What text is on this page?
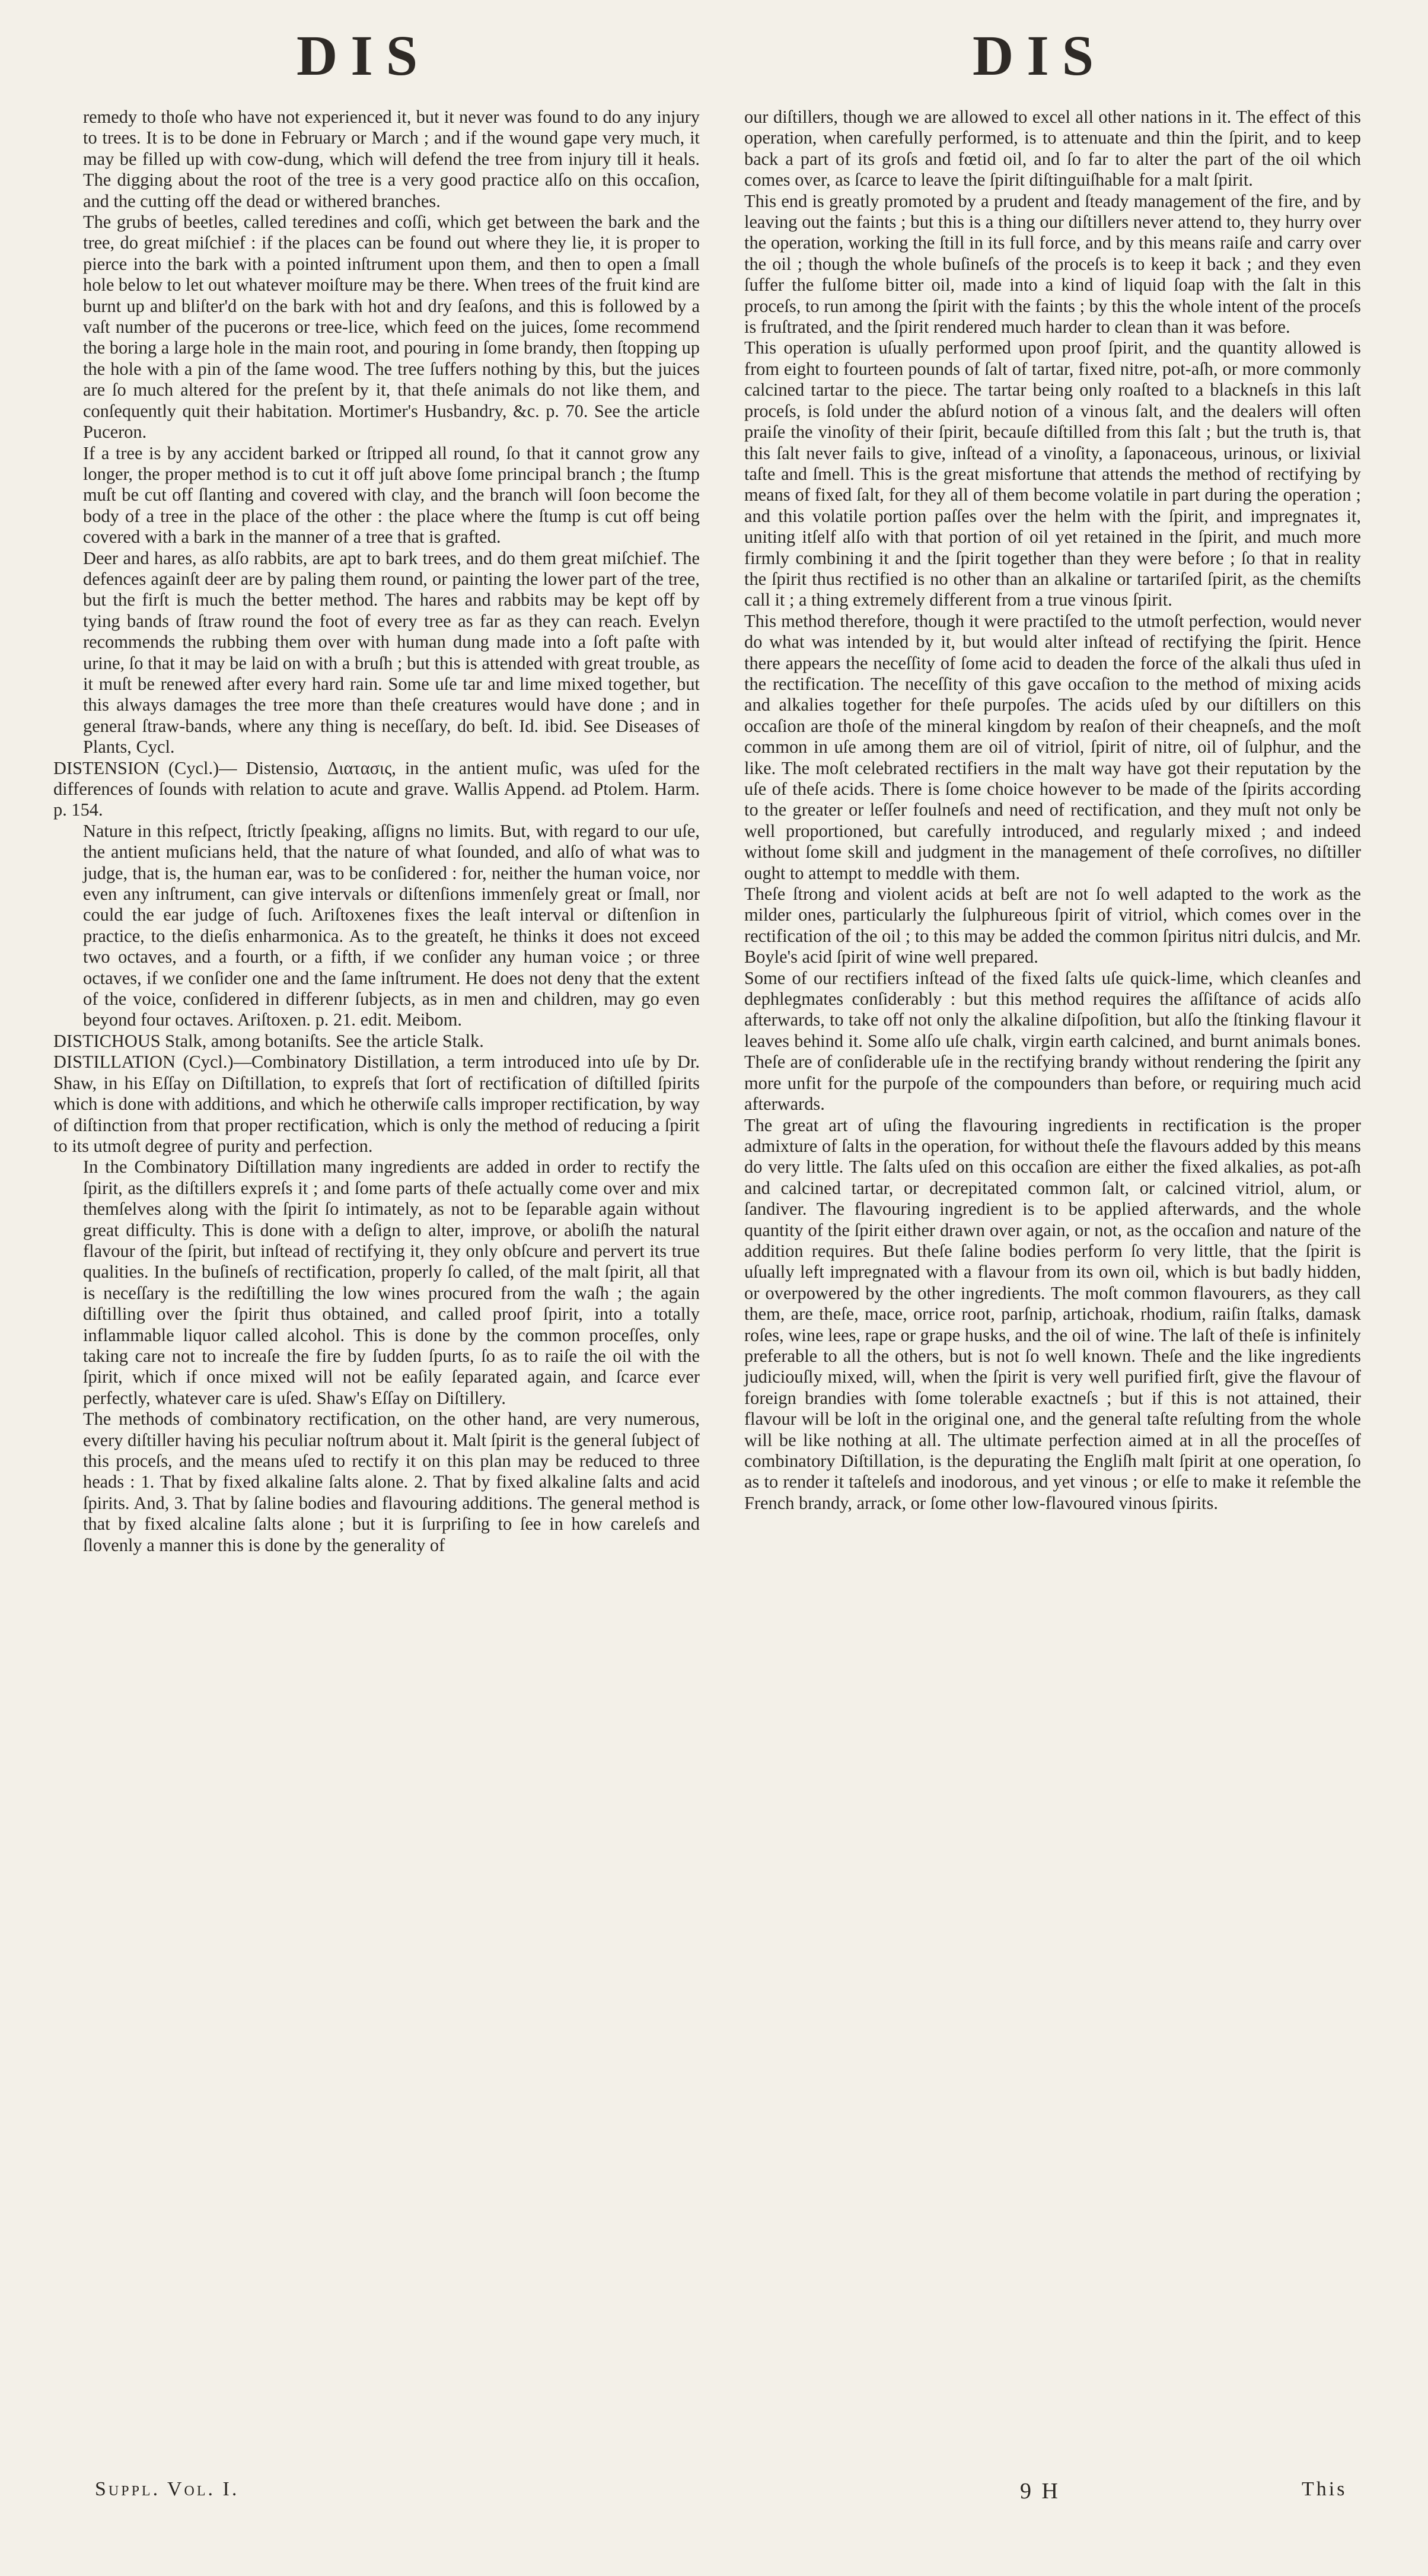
DIS	DIS

remedy to thoſe who have not experienced it, but it never was found to do any injury to trees. It is to be done in February or March ; and if the wound gape very much, it may be filled up with cow-dung, which will defend the tree from injury till it heals. The digging about the root of the tree is a very good practice alſo on this occaſion, and the cutting off the dead or withered branches.

The grubs of beetles, called teredines and coſſi, which get between the bark and the tree, do great miſchief : if the places can be found out where they lie, it is proper to pierce into the bark with a pointed inſtrument upon them, and then to open a ſmall hole below to let out whatever moiſture may be there. When trees of the fruit kind are burnt up and bliſter'd on the bark with hot and dry ſeaſons, and this is followed by a vaſt number of the pucerons or tree-lice, which feed on the juices, ſome recommend the boring a large hole in the main root, and pouring in ſome brandy, then ſtopping up the hole with a pin of the ſame wood. The tree ſuffers nothing by this, but the juices are ſo much altered for the preſent by it, that theſe animals do not like them, and conſequently quit their habitation. Mortimer's Husbandry, &c. p. 70. See the article Puceron.

If a tree is by any accident barked or ſtripped all round, ſo that it cannot grow any longer, the proper method is to cut it off juſt above ſome principal branch ; the ſtump muſt be cut off ſlanting and covered with clay, and the branch will ſoon become the body of a tree in the place of the other : the place where the ſtump is cut off being covered with a bark in the manner of a tree that is grafted.

Deer and hares, as alſo rabbits, are apt to bark trees, and do them great miſchief. The defences againſt deer are by paling them round, or painting the lower part of the tree, but the firſt is much the better method. The hares and rabbits may be kept off by tying bands of ſtraw round the foot of every tree as far as they can reach. Evelyn recommends the rubbing them over with human dung made into a ſoft paſte with urine, ſo that it may be laid on with a bruſh ; but this is attended with great trouble, as it muſt be renewed after every hard rain. Some uſe tar and lime mixed together, but this always damages the tree more than theſe creatures would have done ; and in general ſtraw-bands, where any thing is neceſſary, do beſt. Id. ibid. See Diseases of Plants, Cycl.

DISTENSION (Cycl.)— Distensio, Διατασις, in the antient muſic, was uſed for the differences of ſounds with relation to acute and grave. Wallis Append. ad Ptolem. Harm. p. 154.

Nature in this reſpect, ſtrictly ſpeaking, aſſigns no limits. But, with regard to our uſe, the antient muſicians held, that the nature of what ſounded, and alſo of what was to judge, that is, the human ear, was to be conſidered : for, neither the human voice, nor even any inſtrument, can give intervals or diſtenſions immenſely great or ſmall, nor could the ear judge of ſuch. Ariſtoxenes fixes the leaſt interval or diſtenſion in practice, to the dieſis enharmonica. As to the greateſt, he thinks it does not exceed two octaves, and a fourth, or a fifth, if we conſider any human voice ; or three octaves, if we conſider one and the ſame inſtrument. He does not deny that the extent of the voice, conſidered in differenr ſubjects, as in men and children, may go even beyond four octaves. Ariſtoxen. p. 21. edit. Meibom.

DISTICHOUS Stalk, among botaniſts. See the article Stalk.

DISTILLATION (Cycl.)—Combinatory Distillation, a term introduced into uſe by Dr. Shaw, in his Eſſay on Diſtillation, to expreſs that ſort of rectification of diſtilled ſpirits which is done with additions, and which he otherwiſe calls improper rectification, by way of diſtinction from that proper rectification, which is only the method of reducing a ſpirit to its utmoſt degree of purity and perfection.

In the Combinatory Diſtillation many ingredients are added in order to rectify the ſpirit, as the diſtillers expreſs it ; and ſome parts of theſe actually come over and mix themſelves along with the ſpirit ſo intimately, as not to be ſeparable again without great difficulty. This is done with a deſign to alter, improve, or aboliſh the natural flavour of the ſpirit, but inſtead of rectifying it, they only obſcure and pervert its true qualities. In the buſineſs of rectification, properly ſo called, of the malt ſpirit, all that is neceſſary is the rediſtilling the low wines procured from the waſh ; the again diſtilling over the ſpirit thus obtained, and called proof ſpirit, into a totally inflammable liquor called alcohol. This is done by the common proceſſes, only taking care not to increaſe the fire by ſudden ſpurts, ſo as to raiſe the oil with the ſpirit, which if once mixed will not be eaſily ſeparated again, and ſcarce ever perfectly, whatever care is uſed. Shaw's Eſſay on Diſtillery.

The methods of combinatory rectification, on the other hand, are very numerous, every diſtiller having his peculiar noſtrum about it. Malt ſpirit is the general ſubject of this proceſs, and the means uſed to rectify it on this plan may be reduced to three heads : 1. That by fixed alkaline ſalts alone. 2. That by fixed alkaline ſalts and acid ſpirits. And, 3. That by ſaline bodies and flavouring additions. The general method is that by fixed alcaline ſalts alone ; but it is ſurpriſing to ſee in how careleſs and ſlovenly a manner this is done by the generality of

our diſtillers, though we are allowed to excel all other nations in it. The effect of this operation, when carefully performed, is to attenuate and thin the ſpirit, and to keep back a part of its groſs and fœtid oil, and ſo far to alter the part of the oil which comes over, as ſcarce to leave the ſpirit diſtinguiſhable for a malt ſpirit.

This end is greatly promoted by a prudent and ſteady management of the fire, and by leaving out the faints ; but this is a thing our diſtillers never attend to, they hurry over the operation, working the ſtill in its full force, and by this means raiſe and carry over the oil ; though the whole buſineſs of the proceſs is to keep it back ; and they even ſuffer the fulſome bitter oil, made into a kind of liquid ſoap with the ſalt in this proceſs, to run among the ſpirit with the faints ; by this the whole intent of the proceſs is fruſtrated, and the ſpirit rendered much harder to clean than it was before.

This operation is uſually performed upon proof ſpirit, and the quantity allowed is from eight to fourteen pounds of ſalt of tartar, fixed nitre, pot-aſh, or more commonly calcined tartar to the piece. The tartar being only roaſted to a blackneſs in this laſt proceſs, is ſold under the abſurd notion of a vinous ſalt, and the dealers will often praiſe the vinoſity of their ſpirit, becauſe diſtilled from this ſalt ; but the truth is, that this ſalt never fails to give, inſtead of a vinoſity, a ſaponaceous, urinous, or lixivial taſte and ſmell. This is the great misfortune that attends the method of rectifying by means of fixed ſalt, for they all of them become volatile in part during the operation ; and this volatile portion paſſes over the helm with the ſpirit, and impregnates it, uniting itſelf alſo with that portion of oil yet retained in the ſpirit, and much more firmly combining it and the ſpirit together than they were before ; ſo that in reality the ſpirit thus rectified is no other than an alkaline or tartariſed ſpirit, as the chemiſts call it ; a thing extremely different from a true vinous ſpirit.

This method therefore, though it were practiſed to the utmoſt perfection, would never do what was intended by it, but would alter inſtead of rectifying the ſpirit. Hence there appears the neceſſity of ſome acid to deaden the force of the alkali thus uſed in the rectification. The neceſſity of this gave occaſion to the method of mixing acids and alkalies together for theſe purpoſes. The acids uſed by our diſtillers on this occaſion are thoſe of the mineral kingdom by reaſon of their cheapneſs, and the moſt common in uſe among them are oil of vitriol, ſpirit of nitre, oil of ſulphur, and the like. The moſt celebrated rectifiers in the malt way have got their reputation by the uſe of theſe acids. There is ſome choice however to be made of the ſpirits according to the greater or leſſer foulneſs and need of rectification, and they muſt not only be well proportioned, but carefully introduced, and regularly mixed ; and indeed without ſome skill and judgment in the management of theſe corroſives, no diſtiller ought to attempt to meddle with them.

Theſe ſtrong and violent acids at beſt are not ſo well adapted to the work as the milder ones, particularly the ſulphureous ſpirit of vitriol, which comes over in the rectification of the oil ; to this may be added the common ſpiritus nitri dulcis, and Mr. Boyle's acid ſpirit of wine well prepared.

Some of our rectifiers inſtead of the fixed ſalts uſe quick-lime, which cleanſes and dephlegmates conſiderably : but this method requires the aſſiſtance of acids alſo afterwards, to take off not only the alkaline diſpoſition, but alſo the ſtinking flavour it leaves behind it. Some alſo uſe chalk, virgin earth calcined, and burnt animals bones. Theſe are of conſiderable uſe in the rectifying brandy without rendering the ſpirit any more unfit for the purpoſe of the compounders than before, or requiring much acid afterwards.

The great art of uſing the flavouring ingredients in rectification is the proper admixture of ſalts in the operation, for without theſe the flavours added by this means do very little. The ſalts uſed on this occaſion are either the fixed alkalies, as pot-aſh and calcined tartar, or decrepitated common ſalt, or calcined vitriol, alum, or ſandiver. The flavouring ingredient is to be applied afterwards, and the whole quantity of the ſpirit either drawn over again, or not, as the occaſion and nature of the addition requires. But theſe ſaline bodies perform ſo very little, that the ſpirit is uſually left impregnated with a flavour from its own oil, which is but badly hidden, or overpowered by the other ingredients. The moſt common flavourers, as they call them, are theſe, mace, orrice root, parſnip, artichoak, rhodium, raiſin ſtalks, damask roſes, wine lees, rape or grape husks, and the oil of wine. The laſt of theſe is infinitely preferable to all the others, but is not ſo well known. Theſe and the like ingredients judiciouſly mixed, will, when the ſpirit is very well purified firſt, give the flavour of foreign brandies with ſome tolerable exactneſs ; but if this is not attained, their flavour will be loſt in the original one, and the general taſte reſulting from the whole will be like nothing at all. The ultimate perfection aimed at in all the proceſſes of combinatory Diſtillation, is the depurating the Engliſh malt ſpirit at one operation, ſo as to render it taſteleſs and inodorous, and yet vinous ; or elſe to make it reſemble the French brandy, arrack, or ſome other low-flavoured vinous ſpirits.

Suppl. Vol. I.	9 H	This
